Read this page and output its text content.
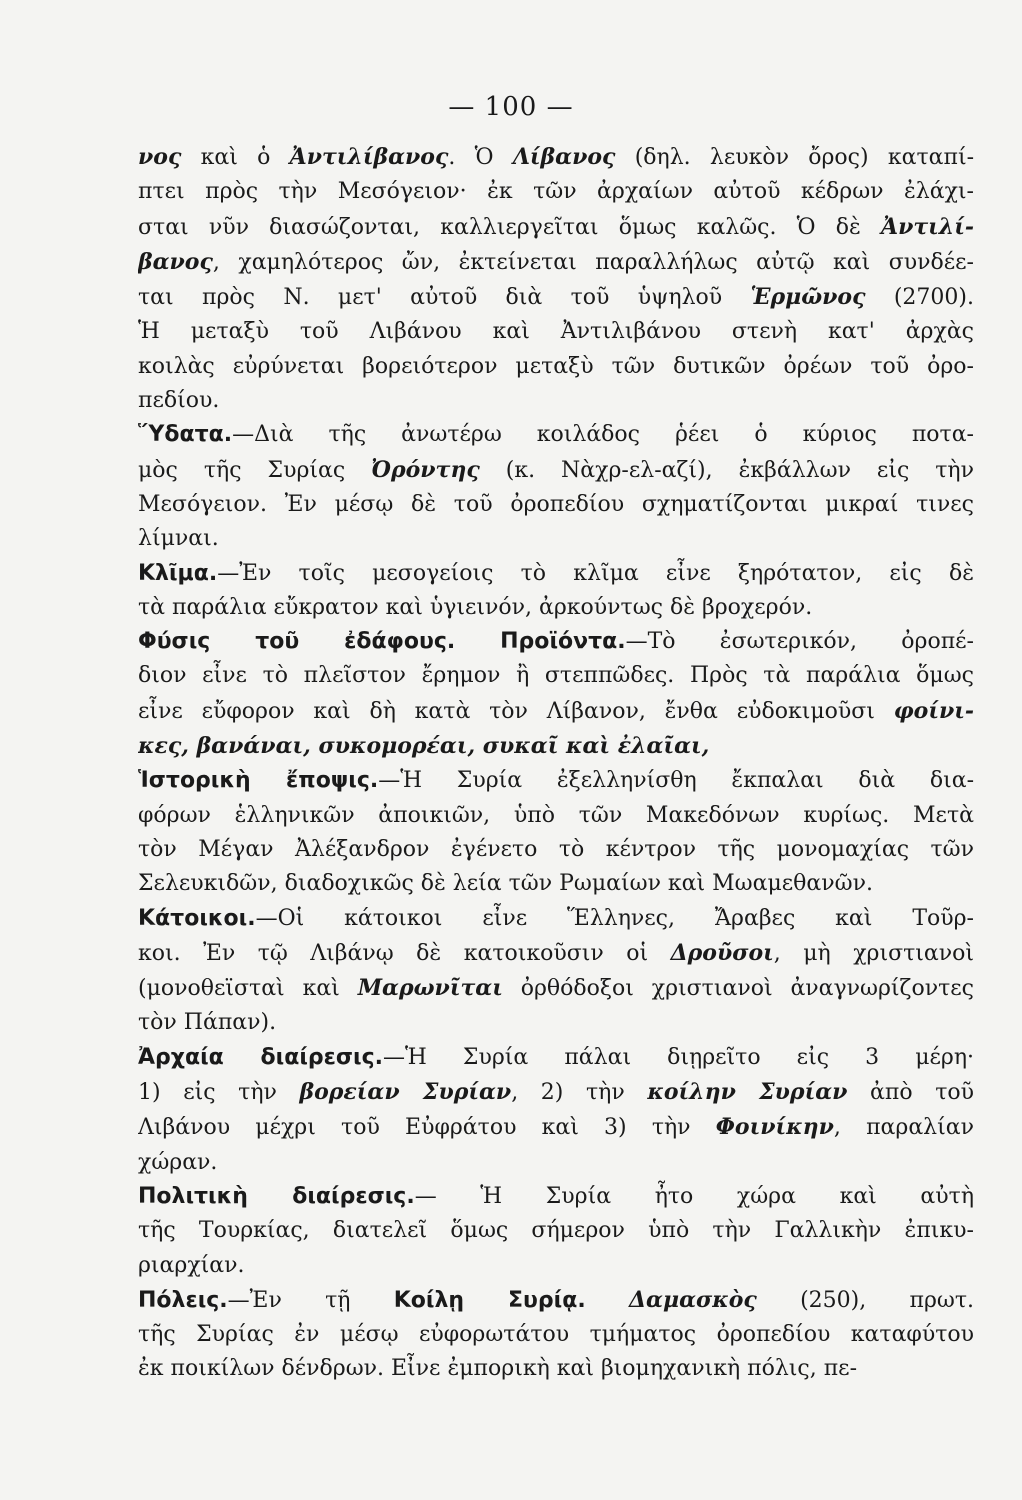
— 100 —
νος καὶ ὁ Ἀντιλίβανος. Ὁ Λίβανος (δηλ. λευκὸν ὄρος) καταπί-
πτει πρὸς τὴν Μεσόγειον· ἐκ τῶν ἀρχαίων αὐτοῦ κέδρων ἐλάχι-
σται νῦν διασώζονται, καλλιεργεῖται ὅμως καλῶς. Ὁ δὲ Ἀντιλί-
βανος, χαμηλότερος ὤν, ἐκτείνεται παραλλήλως αὐτῷ καὶ συνδέε-
ται πρὸς Ν. μετ' αὐτοῦ διὰ τοῦ ὑψηλοῦ Ἑρμῶνος (2700).
Ἡ μεταξὺ τοῦ Λιβάνου καὶ Ἀντιλιβάνου στενὴ κατ' ἀρχὰς
κοιλὰς εὐρύνεται βορειότερον μεταξὺ τῶν δυτικῶν ὀρέων τοῦ ὀρο-
πεδίου.
Ὕδατα.—Διὰ τῆς ἀνωτέρω κοιλάδος ῥέει ὁ κύριος ποτα-
μὸς τῆς Συρίας Ὀρόντης (κ. Νὰχρ-ελ-αζί), ἐκβάλλων εἰς τὴν
Μεσόγειον. Ἐν μέσῳ δὲ τοῦ ὀροπεδίου σχηματίζονται μικραί τινες
λίμναι.
Κλῖμα.—Ἐν τοῖς μεσογείοις τὸ κλῖμα εἶνε ξηρότατον, εἰς δὲ
τὰ παράλια εὔκρατον καὶ ὑγιεινόν, ἀρκούντως δὲ βροχερόν.
Φύσις τοῦ ἐδάφους. Προϊόντα.—Τὸ ἐσωτερικόν, ὀροπέ-
διον εἶνε τὸ πλεῖστον ἔρημον ἢ στεππῶδες. Πρὸς τὰ παράλια ὅμως
εἶνε εὔφορον καὶ δὴ κατὰ τὸν Λίβανον, ἔνθα εὐδοκιμοῦσι φοίνι-
κες, βανάναι, συκομορέαι, συκαῖ καὶ ἐλαῖαι,
Ἱστορικὴ ἔποψις.—Ἡ Συρία ἐξελληνίσθη ἔκπαλαι διὰ δια-
φόρων ἑλληνικῶν ἀποικιῶν, ὑπὸ τῶν Μακεδόνων κυρίως. Μετὰ
τὸν Μέγαν Ἀλέξανδρον ἐγένετο τὸ κέντρον τῆς μονομαχίας τῶν
Σελευκιδῶν, διαδοχικῶς δὲ λεία τῶν Ρωμαίων καὶ Μωαμεθανῶν.
Κάτοικοι.—Οἱ κάτοικοι εἶνε Ἕλληνες, Ἄραβες καὶ Τοῦρ-
κοι. Ἐν τῷ Λιβάνῳ δὲ κατοικοῦσιν οἱ Δροῦσοι, μὴ χριστιανοὶ
(μονοθεϊσταὶ καὶ Μαρωνῖται ὀρθόδοξοι χριστιανοὶ ἀναγνωρίζοντες
τὸν Πάπαν).
Ἀρχαία διαίρεσις.—Ἡ Συρία πάλαι διῃρεῖτο εἰς 3 μέρη·
1) εἰς τὴν βορείαν Συρίαν, 2) τὴν κοίλην Συρίαν ἀπὸ τοῦ
Λιβάνου μέχρι τοῦ Εὐφράτου καὶ 3) τὴν Φοινίκην, παραλίαν
χώραν.
Πολιτικὴ διαίρεσις.— Ἡ Συρία ἦτο χώρα καὶ αὐτὴ
τῆς Τουρκίας, διατελεῖ ὅμως σήμερον ὑπὸ τὴν Γαλλικὴν ἐπικυ-
ριαρχίαν.
Πόλεις.—Ἐν τῇ Κοίλῃ Συρίᾳ. Δαμασκὸς (250), πρωτ.
τῆς Συρίας ἐν μέσῳ εὐφορωτάτου τμήματος ὀροπεδίου καταφύτου
ἐκ ποικίλων δένδρων. Εἶνε ἐμπορικὴ καὶ βιομηχανικὴ πόλις, πε-
